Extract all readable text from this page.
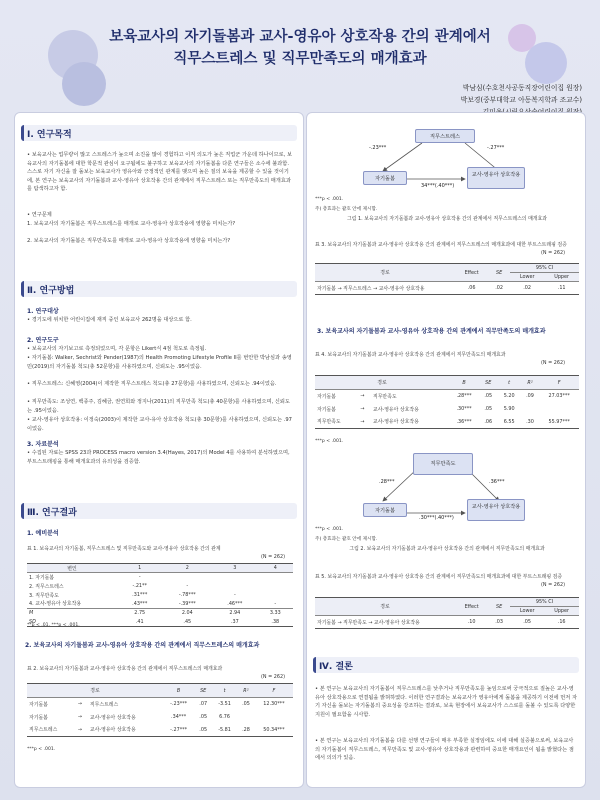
보육교사의 자기돌봄과 교사-영유아 상호작용 간의 관계에서
직무스트레스 및 직무만족도의 매개효과
박남심(수호천사공동직장어린이집 원장)
박보경(중부대학교 아동복지학과 조교수)
Ⅰ. 연구목적
• 보육교사는 업무량이 많고 스트레스가 높으며 소진을 많이 경험하고 이직 의도가 높은 직업군 가운데 하나이므로, 보육교사의 자기돌봄에 대한 학문적 관심이 요구됨에도 불구하고 보육교사의 자기돌봄을 다룬 연구들은 소수에 불과함. 스스로 자기 자신을 잘 돌보는 보육교사가 영유아와 긍정적인 관계를 맺으며 높은 질의 보육을 제공할 수 있을 것이기에, 본 연구는 보육교사의 자기돌봄과 교사-영유아 상호작용 간의 관계에서 직무스트레스 또는 직무만족도의 매개효과를 탐색하고자 함.
• 연구문제
1. 보육교사의 자기돌봄은 직무스트레스를 매개로 교사-영유아 상호작용에 영향을 미치는가?
2. 보육교사의 자기돌봄은 직무만족도를 매개로 교사-영유아 상호작용에 영향을 미치는가?
Ⅱ. 연구방법
1. 연구대상
• 경기도에 위치한 어린이집에 재직 중인 보육교사 262명을 대상으로 함.
2. 연구도구
• 보육교사의 자기보고로 측정되었으며, 각 문항은 Likert식 4점 척도로 측정됨.
• 자기돌봄: Walker, Sechrist와 Pender(1987)의 Health Promoting Lifestyle Profile II를 번안한 박남심과 송영민(2019)의 자기돌봄 척도(총 52문항)를 사용하였으며, 신뢰도는 .95이었음.
• 직무스트레스: 신혜영(2004)이 제작한 직무스트레스 척도(총 27문항)를 사용하였으며, 신뢰도는 .94이었음.
• 직무만족도: 조성연, 백종주, 김혜금, 권연희와 정지나(2011)의 직무만족 척도(총 40문항)를 사용하였으며, 신뢰도는 .95이었음.
• 교사-영유아 상호작용: 이정숙(2003)이 제작한 교사-유아 상호작용 척도(총 30문항)를 사용하였으며, 신뢰도는 .97이었음.
3. 자료분석
• 수집된 자료는 SPSS 23과 PROCESS macro version 3.4(Hayes, 2017)의 Model 4를 사용하여 분석하였으며, 부트스트래핑을 통해 매개효과의 유의성을 검증함.
Ⅲ. 연구결과
1. 예비분석
표 1. 보육교사의 자기돌봄, 직무스트레스 및 직무만족도와 교사-영유아 상호작용 간의 관계
(N = 262)
변인	1	2	3	4
1. 자기돌봄	-			
2. 직무스트레스	-.21**	-		
3. 직무만족도	.31***	-.78***	-	
4. 교사-영유아 상호작용	.43***	-.39***	.46***	-
M	2.75	2.04	2.94	3.33
SD	.41	.45	.37	.38
**p < .01. ***p < .001.
2. 보육교사의 자기돌봄과 교사-영유아 상호작용 간의 관계에서 직무스트레스의 매개효과
표 2. 보육교사의 자기돌봄과 교사-영유아 상호작용 간의 관계에서 직무스트레스의 매개효과
(N = 262)
경로			B	SE	t	R²	F
자기돌봄	→	직무스트레스	-.23***	.07	-3.51	.05	12.30***
자기돌봄	→	교사-영유아 상호작용	.34***	.05	6.76		
직무스트레스	→	교사-영유아 상호작용	-.27***	.05	-5.81	.28	50.34***
***p < .001.
직무스트레스
자기돌봄
교사-영유아 상호작용
-.23***	-.27***
34***(.40***)
***p < .001.
주) 총효과는 괄호 안에 제시함.
그림 1. 보육교사의 자기돌봄과 교사-영유아 상호작용 간의 관계에서 직무스트레스의 매개효과
표 3. 보육교사의 자기돌봄과 교사-영유아 상호작용 간의 관계에서 직무스트레스의 매개효과에 대한 부트스트래핑 검증
(N = 262)
경로	Effect	SE	95% CI	
			Lower	Upper
자기돌봄 → 직무스트레스 → 교사-영유아 상호작용	.06	.02	.02	.11
3. 보육교사의 자기돌봄과 교사-영유아 상호작용 간의 관계에서 직무만족도의 매개효과
표 4. 보육교사의 자기돌봄과 교사-영유아 상호작용 간의 관계에서 직무만족도의 매개효과
(N = 262)
경로			B	SE	t	R²	F
자기돌봄	→	직무만족도	.28***	.05	5.20	.09	27.03***
자기돌봄	→	교사-영유아 상호작용	.30***	.05	5.90		
직무만족도	→	교사-영유아 상호작용	.36***	.06	6.55	.30	55.97***
***p < .001.
직무만족도
자기돌봄
교사-영유아 상호작용
.28***	.36***
.30***(.40***)
***p < .001.
주) 총효과는 괄호 안에 제시함.
그림 2. 보육교사의 자기돌봄과 교사-영유아 상호작용 간의 관계에서 직무만족도의 매개효과
표 5. 보육교사의 자기돌봄과 교사-영유아 상호작용 간의 관계에서 직무만족도의 매개효과에 대한 부트스트래핑 검증
(N = 262)
경로	Effect	SE	95% CI	
			Lower	Upper
자기돌봄 → 직무만족도 → 교사-영유아 상호작용	.10	.03	.05	.16
Ⅳ. 결론
• 본 연구는 보육교사의 자기돌봄이 직무스트레스를 낮추거나 직무만족도를 높임으로써 궁극적으로 질높은 교사-영유아 상호작용으로 연결됨을 밝혀하였다. 이러한 연구결과는 보육교사가 영유아에게 돌봄을 제공하기 이전에 먼저 자기 자신을 돌보는 자기돌봄의 중요성을 강조하는 결과로, 보육 현장에서 보육교사가 스스로를 돌볼 수 있도록 다양한 지원이 필요함을 시사함.
• 본 연구는 보육교사의 자기돌봄을 다룬 선행 연구들이 매우 부족한 실정임에도 이에 대해 실증불으로써, 보육교사의 자기돌봄이 직무스트레스, 직무만족도 및 교사-영유아 상호작용과 관련하여 중요한 매개요인이 됨을 밝혔다는 점에서 의의가 있음.
